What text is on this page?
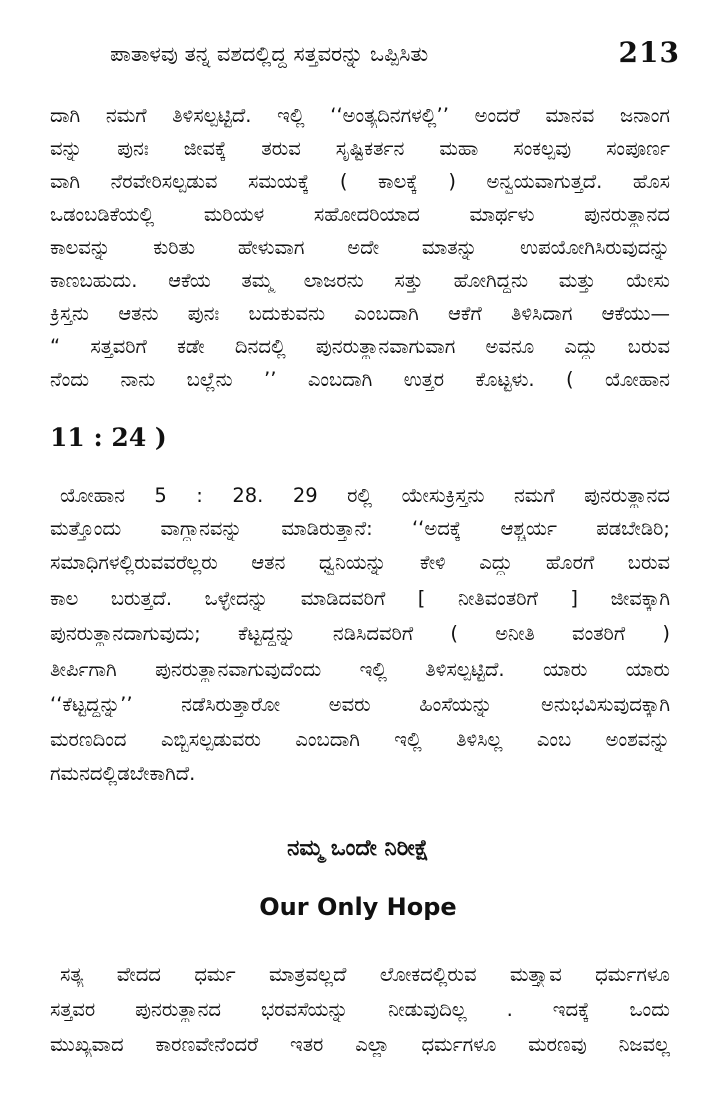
ಪಾತಾಳವು ತನ್ನ ವಶದಲ್ಲಿದ್ದ ಸತ್ತವರನ್ನು ಒಪ್ಪಿಸಿತು	213
ದಾಗಿ ನಮಗೆ ತಿಳಿಸಲ್ಪಟ್ಟಿದೆ. ಇಲ್ಲಿ ‘‘ಅಂತ್ಯದಿನಗಳಲ್ಲಿ’’ ಅಂದರೆ ಮಾನವ ಜನಾಂಗ
ವನ್ನು ಪುನಃ ಜೀವಕ್ಕೆ ತರುವ ಸೃಷ್ಟಿಕರ್ತನ ಮಹಾ ಸಂಕಲ್ಪವು ಸಂಪೂರ್ಣ
ವಾಗಿ ನೆರವೇರಿಸಲ್ಪಡುವ ಸಮಯಕ್ಕೆ ( ಕಾಲಕ್ಕೆ ) ಅನ್ವಯವಾಗುತ್ತದೆ. ಹೊಸ
ಒಡಂಬಡಿಕೆಯಲ್ಲಿ ಮರಿಯಳ ಸಹೋದರಿಯಾದ ಮಾರ್ಥಳು ಪುನರುತ್ಥಾನದ
ಕಾಲವನ್ನು ಕುರಿತು ಹೇಳುವಾಗ ಅದೇ ಮಾತನ್ನು ಉಪಯೋಗಿಸಿರುವುದನ್ನು
ಕಾಣಬಹುದು. ಆಕೆಯ ತಮ್ಮ ಲಾಜರನು ಸತ್ತು ಹೋಗಿದ್ದನು ಮತ್ತು ಯೇಸು
ಕ್ರಿಸ್ತನು ಆತನು ಪುನಃ ಬದುಕುವನು ಎಂಬದಾಗಿ ಆಕೆಗೆ ತಿಳಿಸಿದಾಗ ಆಕೆಯು—
“ ಸತ್ತವರಿಗೆ ಕಡೇ ದಿನದಲ್ಲಿ ಪುನರುತ್ಥಾನವಾಗುವಾಗ ಅವನೂ ಎದ್ದು ಬರುವ
ನೆಂದು ನಾನು ಬಲ್ಲೆನು ’’ ಎಂಬದಾಗಿ ಉತ್ತರ ಕೊಟ್ಟಳು. ( ಯೋಹಾನ
11 : 24 )
ಯೋಹಾನ 5 : 28. 29 ರಲ್ಲಿ ಯೇಸುಕ್ರಿಸ್ತನು ನಮಗೆ ಪುನರುತ್ಥಾನದ
ಮತ್ತೊಂದು ವಾಗ್ದಾನವನ್ನು ಮಾಡಿರುತ್ತಾನೆ: ‘‘ಅದಕ್ಕೆ ಆಶ್ಚರ್ಯ ಪಡಬೇಡಿರಿ;
ಸಮಾಧಿಗಳಲ್ಲಿರುವವರೆಲ್ಲರು ಆತನ ಧ್ವನಿಯನ್ನು ಕೇಳಿ ಎದ್ದು ಹೊರಗೆ ಬರುವ
ಕಾಲ ಬರುತ್ತದೆ. ಒಳ್ಳೇದನ್ನು ಮಾಡಿದವರಿಗೆ [ ನೀತಿವಂತರಿಗೆ ] ಜೀವಕ್ಕಾಗಿ
ಪುನರುತ್ಥಾನದಾಗುವುದು; ಕೆಟ್ಟದ್ದನ್ನು ನಡಿಸಿದವರಿಗೆ ( ಅನೀತಿ ವಂತರಿಗೆ )
ತೀರ್ಪಿಗಾಗಿ ಪುನರುತ್ಥಾನವಾಗುವುದೆಂದು ಇಲ್ಲಿ ತಿಳಿಸಲ್ಪಟ್ಟಿದೆ. ಯಾರು ಯಾರು
‘‘ಕೆಟ್ಟದ್ದನ್ನು’’ ನಡೆಸಿರುತ್ತಾರೋ ಅವರು ಹಿಂಸೆಯನ್ನು ಅನುಭವಿಸುವುದಕ್ಕಾಗಿ
ಮರಣದಿಂದ ಎಬ್ಬಿಸಲ್ಪಡುವರು ಎಂಬದಾಗಿ ಇಲ್ಲಿ ತಿಳಿಸಿಲ್ಲ ಎಂಬ ಅಂಶವನ್ನು
ಗಮನದಲ್ಲಿಡಬೇಕಾಗಿದೆ.
ನಮ್ಮ ಒಂದೇ ನಿರೀಕ್ಷೆ
Our Only Hope
ಸತ್ಯ ವೇದದ ಧರ್ಮ ಮಾತ್ರವಲ್ಲದೆ ಲೋಕದಲ್ಲಿರುವ ಮತ್ತ್ಯಾವ ಧರ್ಮಗಳೂ
ಸತ್ತವರ ಪುನರುತ್ಥಾನದ ಭರವಸೆಯನ್ನು ನೀಡುವುದಿಲ್ಲ . ಇದಕ್ಕೆ ಒಂದು
ಮುಖ್ಯವಾದ ಕಾರಣವೇನೆಂದರೆ ಇತರ ಎಲ್ಲಾ ಧರ್ಮಗಳೂ ಮರಣವು ನಿಜವಲ್ಲ
